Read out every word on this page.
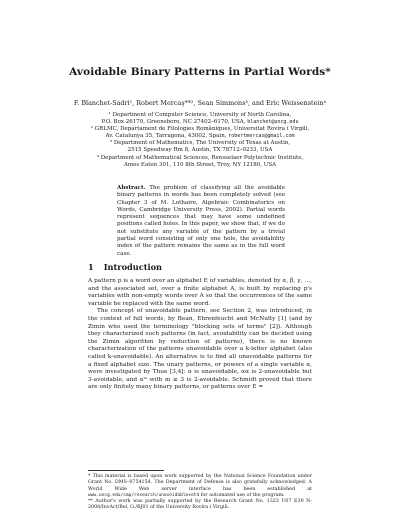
Avoidable Binary Patterns in Partial Words*
F. Blanchet-Sadri¹, Robert Mercaş**², Sean Simmons³, and Eric Weissenstein⁴

¹ Department of Computer Science, University of North Carolina,
P.O. Box 26170, Greensboro, NC 27402–6170, USA, blanchet@uncg.edu

² GRLMC, Departament de Filologies Romàniques, Universitat Rovira i Virgili,
Av. Catalunya 35, Tarragona, 43002, Spain, robertmercas@gmail.com

³ Department of Mathematics, The University of Texas at Austin,
2515 Speedway Rm 8, Austin, TX 78712–0233, USA

⁴ Department of Mathematical Sciences, Rensselaer Polytechnic Institute,
Amos Eaton 301, 110 8th Street, Troy, NY 12180, USA

Abstract. The problem of classifying all the avoidable binary patterns in words has been completely solved (see Chapter 3 of M. Lothaire, Algebraic Combinatorics on Words, Cambridge University Press, 2002). Partial words represent sequences that may have some undefined positions called holes. In this paper, we show that, if we do not substitute any variable of the pattern by a trivial partial word consisting of only one hole, the avoidability index of the pattern remains the same as in the full word case.
1 Introduction

A pattern p is a word over an alphabet E of variables, denoted by α, β, γ, …, and the associated set, over a finite alphabet A, is built by replacing p's variables with non-empty words over A so that the occurrences of the same variable be replaced with the same word.

The concept of unavoidable pattern, see Section 2, was introduced, in the context of full words, by Bean, Ehrenfeucht and McNulty [1] (and by Zimin who used the terminology "blocking sets of terms" [2]). Although they characterized such patterns (in fact, avoidability can be decided using the Zimin algorithm by reduction of patterns), there is no known characterization of the patterns unavoidable over a k-letter alphabet (also called k-unavoidable). An alternative is to find all unavoidable patterns for a fixed alphabet size. The unary patterns, or powers of a single variable α, were investigated by Thue [3,4]: α is unavoidable, αα is 2-unavoidable but 3-avoidable, and αᵐ with m ≥ 3 is 2-avoidable. Schmidt proved that there are only finitely many binary patterns, or patterns over E =

* This material is based upon work supported by the National Science Foundation under Grant No. DMS–0754154. The Department of Defense is also gratefully acknowledged. A World Wide Web server interface has been established at www.uncg.edu/cmp/research/unavoidableset4 for automated use of the program.

** Author's work was partially supported by the Research Grant No. 1323 U07 E30 N-2008/InvAct/Bel, G./BJ01 of the University Rovira i Virgili.
